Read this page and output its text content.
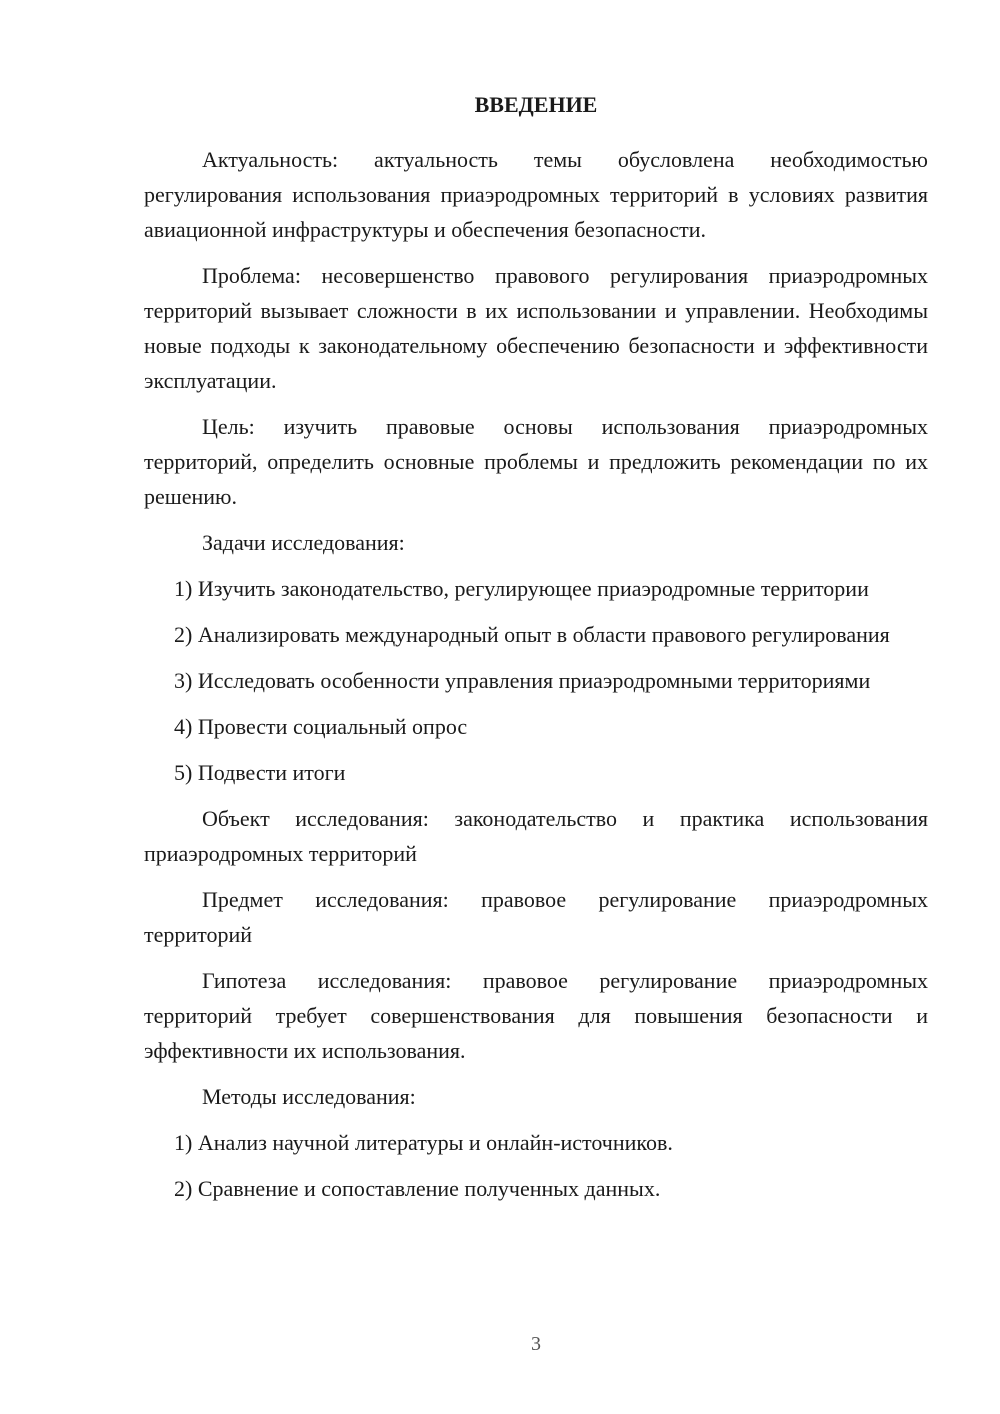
ВВЕДЕНИЕ

Актуальность: актуальность темы обусловлена необходимостью регулирования использования приаэродромных территорий в условиях развития авиационной инфраструктуры и обеспечения безопасности.

Проблема: несовершенство правового регулирования приаэродромных территорий вызывает сложности в их использовании и управлении. Необходимы новые подходы к законодательному обеспечению безопасности и эффективности эксплуатации.

Цель: изучить правовые основы использования приаэродромных территорий, определить основные проблемы и предложить рекомендации по их решению.

Задачи исследования:

1) Изучить законодательство, регулирующее приаэродромные территории

2) Анализировать международный опыт в области правового регулирования

3) Исследовать особенности управления приаэродромными территориями

4) Провести социальный опрос

5) Подвести итоги

Объект исследования: законодательство и практика использования приаэродромных территорий

Предмет исследования: правовое регулирование приаэродромных территорий

Гипотеза исследования: правовое регулирование приаэродромных территорий требует совершенствования для повышения безопасности и эффективности их использования.

Методы исследования:

1) Анализ научной литературы и онлайн-источников.

2) Сравнение и сопоставление полученных данных.

3
